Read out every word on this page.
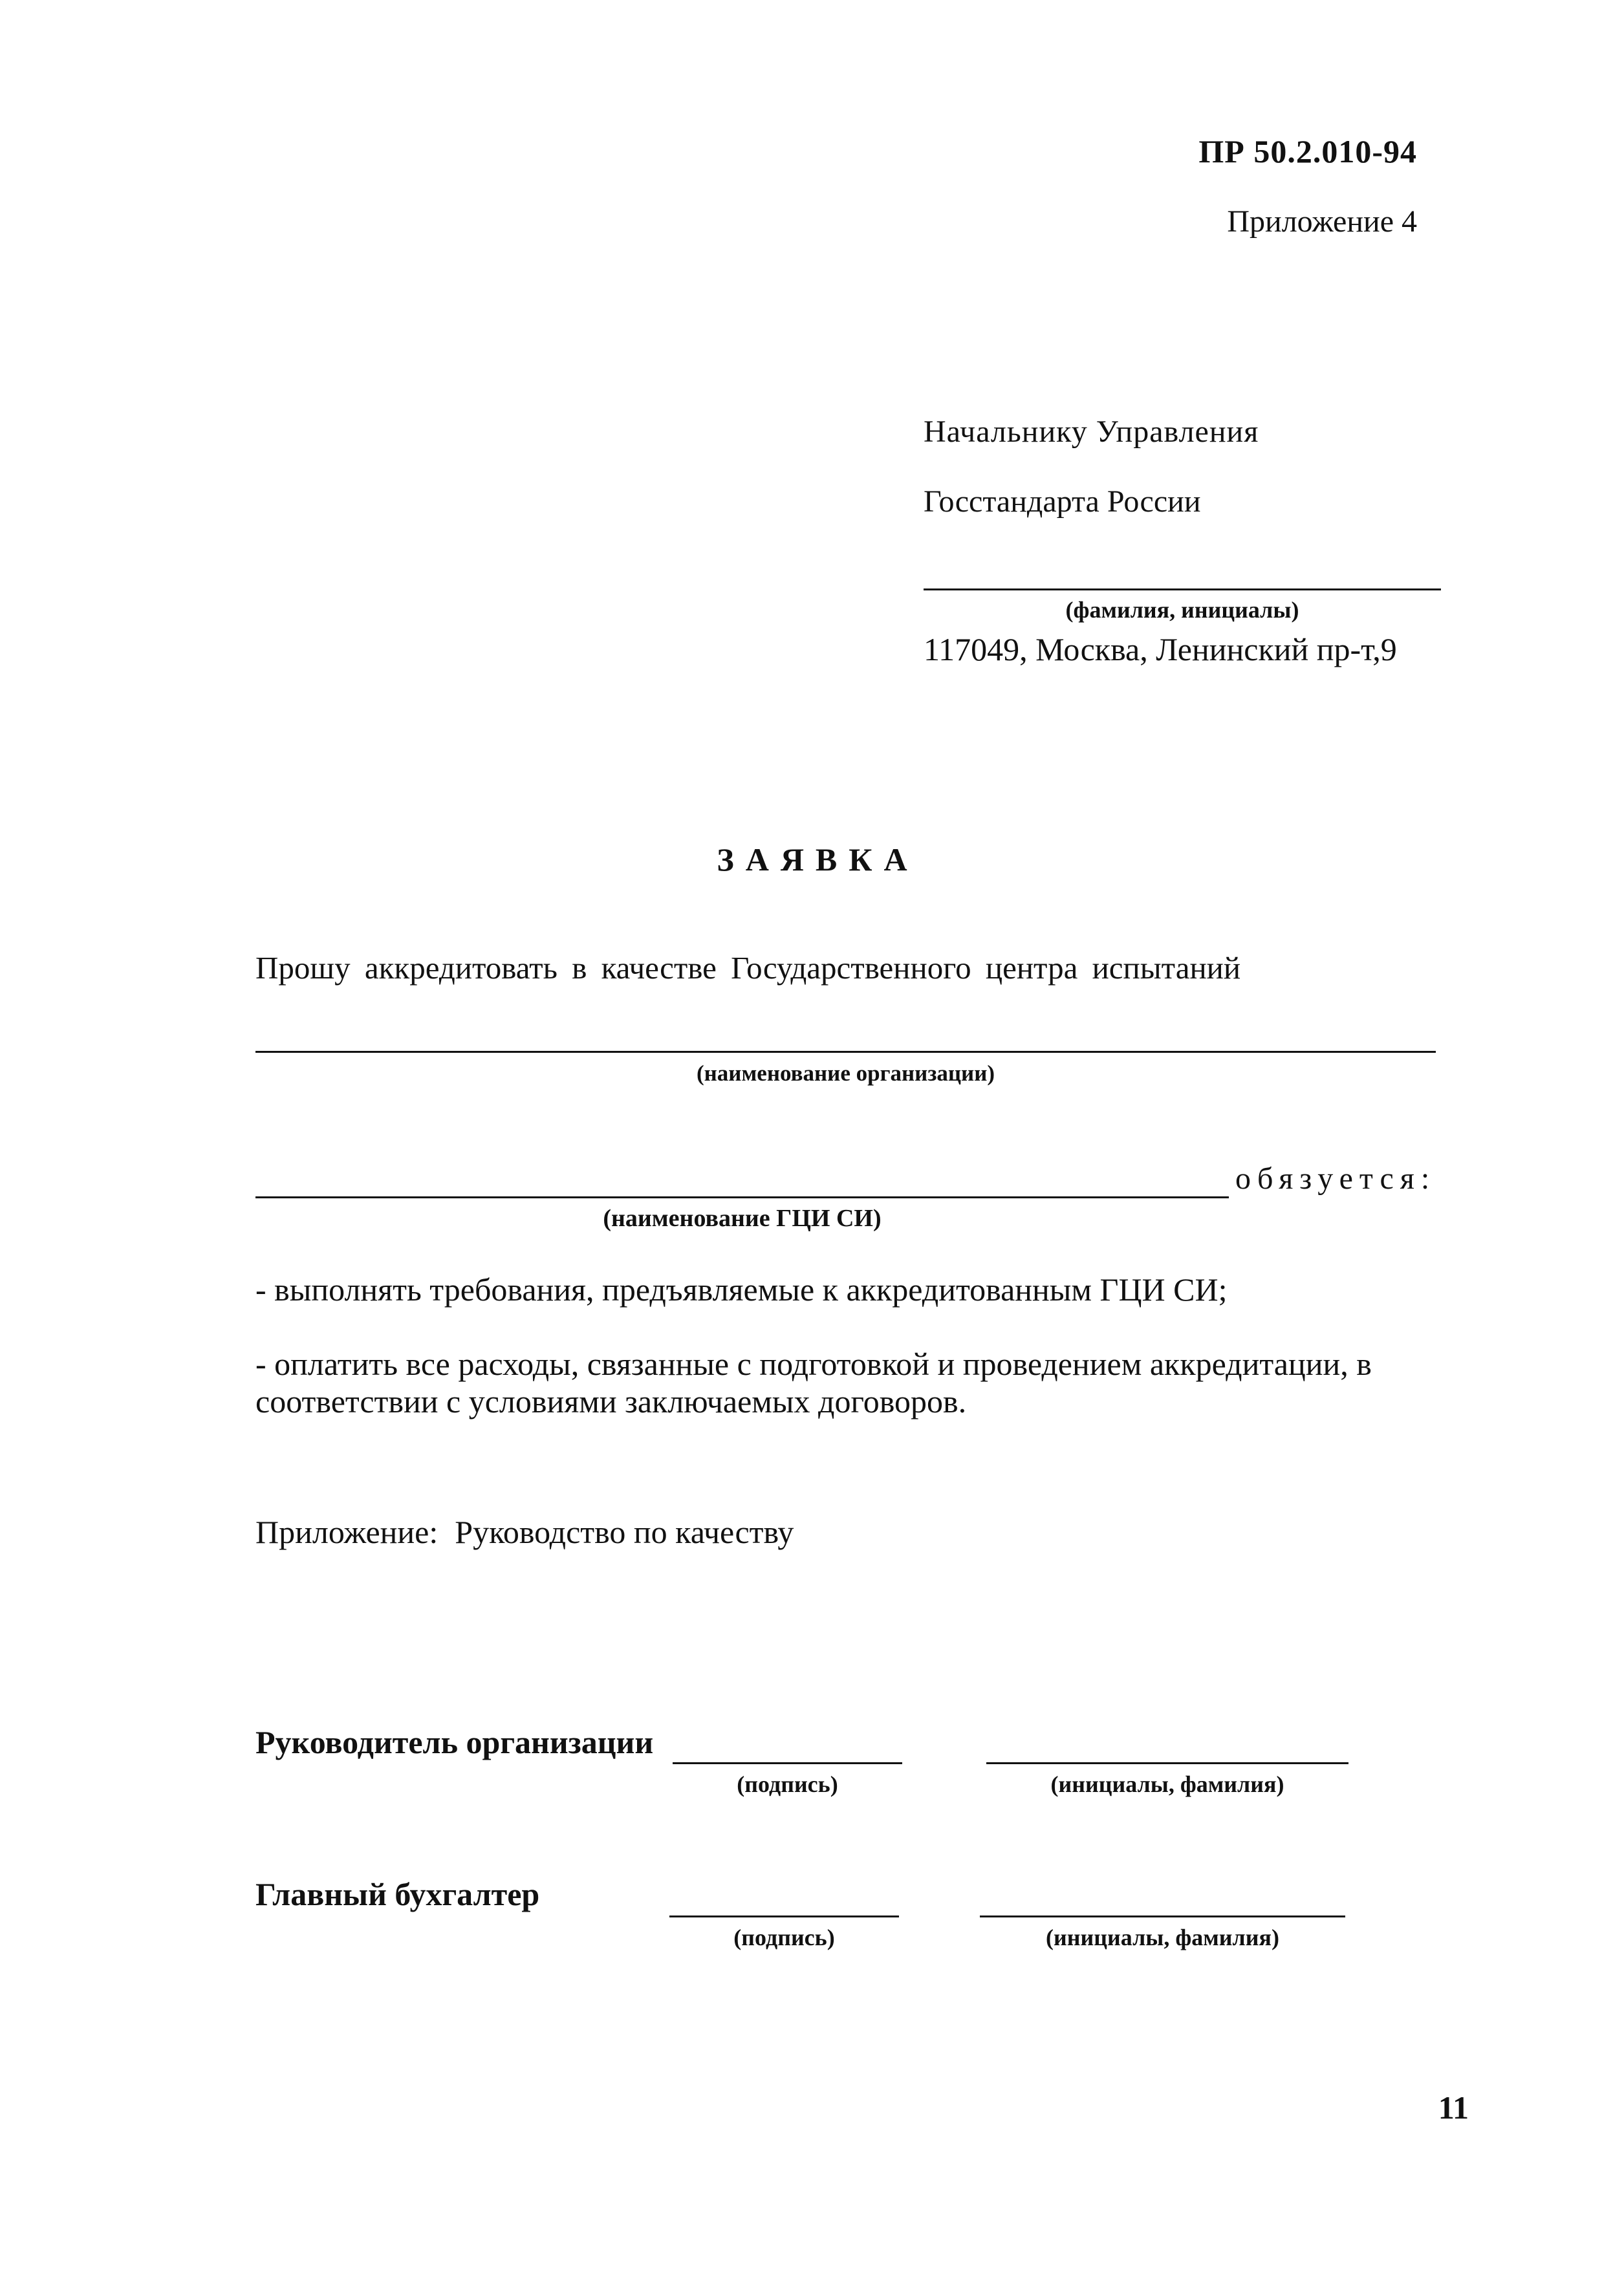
ПР 50.2.010-94
Приложение 4
Начальнику Управления
Госстандарта России
(фамилия, инициалы)
117049, Москва, Ленинский пр-т,9
ЗАЯВКА
Прошу аккредитовать в качестве Государственного центра испытаний
(наименование организации)
обязуется:
(наименование ГЦИ СИ)
- выполнять требования, предъявляемые к аккредитованным ГЦИ СИ;
- оплатить все расходы, связанные с подготовкой и проведением аккредитации, в соответствии с условиями заключаемых договоров.
Приложение: Руководство по качеству
Руководитель организации
(подпись)	(инициалы, фамилия)
Главный бухгалтер
(подпись)	(инициалы, фамилия)
11
